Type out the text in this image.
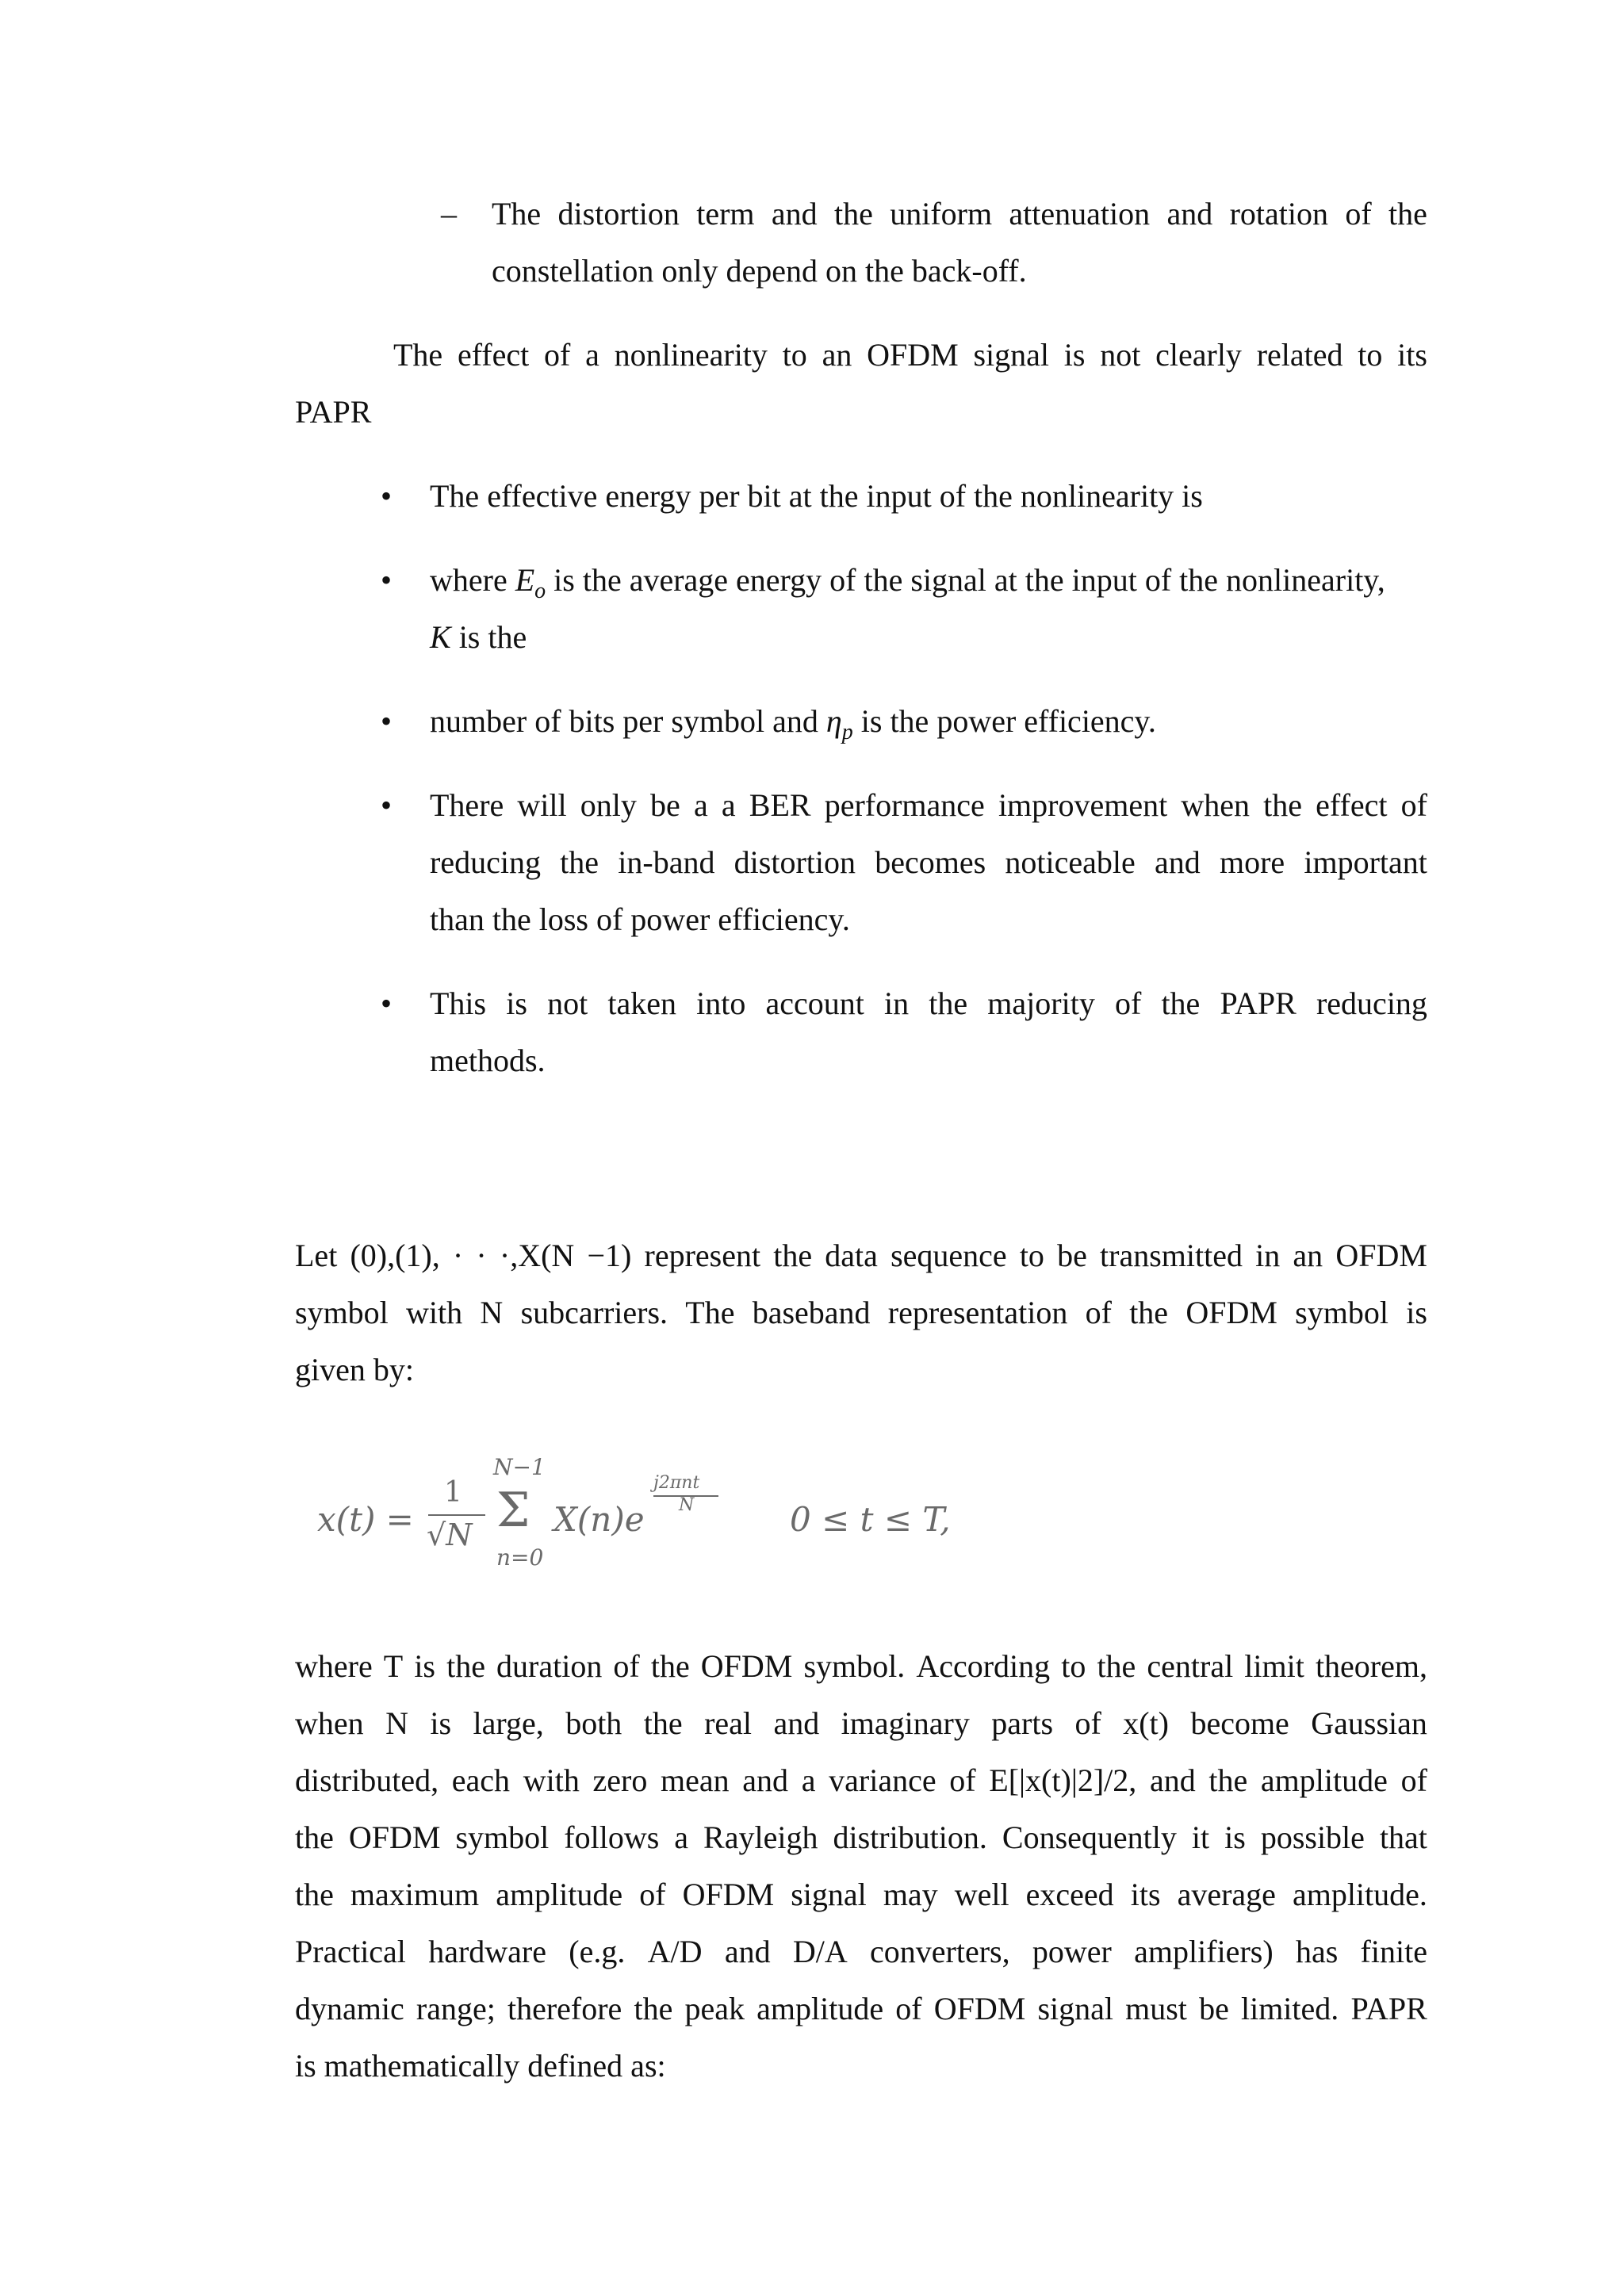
– The distortion term and the uniform attenuation and rotation of the
constellation only depend on the back-off.
The effect of a nonlinearity to an OFDM signal is not clearly related to its
PAPR
• The effective energy per bit at the input of the nonlinearity is
• where $E_o$ is the average energy of the signal at the input of the nonlinearity,
K is the
• number of bits per symbol and $\eta_p$ is the power efficiency.
• There will only be a a BER performance improvement when the effect of
reducing the in-band distortion becomes noticeable and more important
than the loss of power efficiency.
• This is not taken into account in the majority of the PAPR reducing
methods.
Let (0),(1), · · ·,X(N −1) represent the data sequence to be transmitted in an OFDM
symbol with N subcarriers. The baseband representation of the OFDM symbol is
given by:
x(t) =
1
√N
N−1
Σ
n=0
X(n)e
j2πnt
N	0 ≤ t ≤ T,
where T is the duration of the OFDM symbol. According to the central limit theorem,
when N is large, both the real and imaginary parts of x(t) become Gaussian
distributed, each with zero mean and a variance of E[|x(t)|2]/2, and the amplitude of
the OFDM symbol follows a Rayleigh distribution. Consequently it is possible that
the maximum amplitude of OFDM signal may well exceed its average amplitude.
Practical hardware (e.g. A/D and D/A converters, power amplifiers) has finite
dynamic range; therefore the peak amplitude of OFDM signal must be limited. PAPR
is mathematically defined as:
